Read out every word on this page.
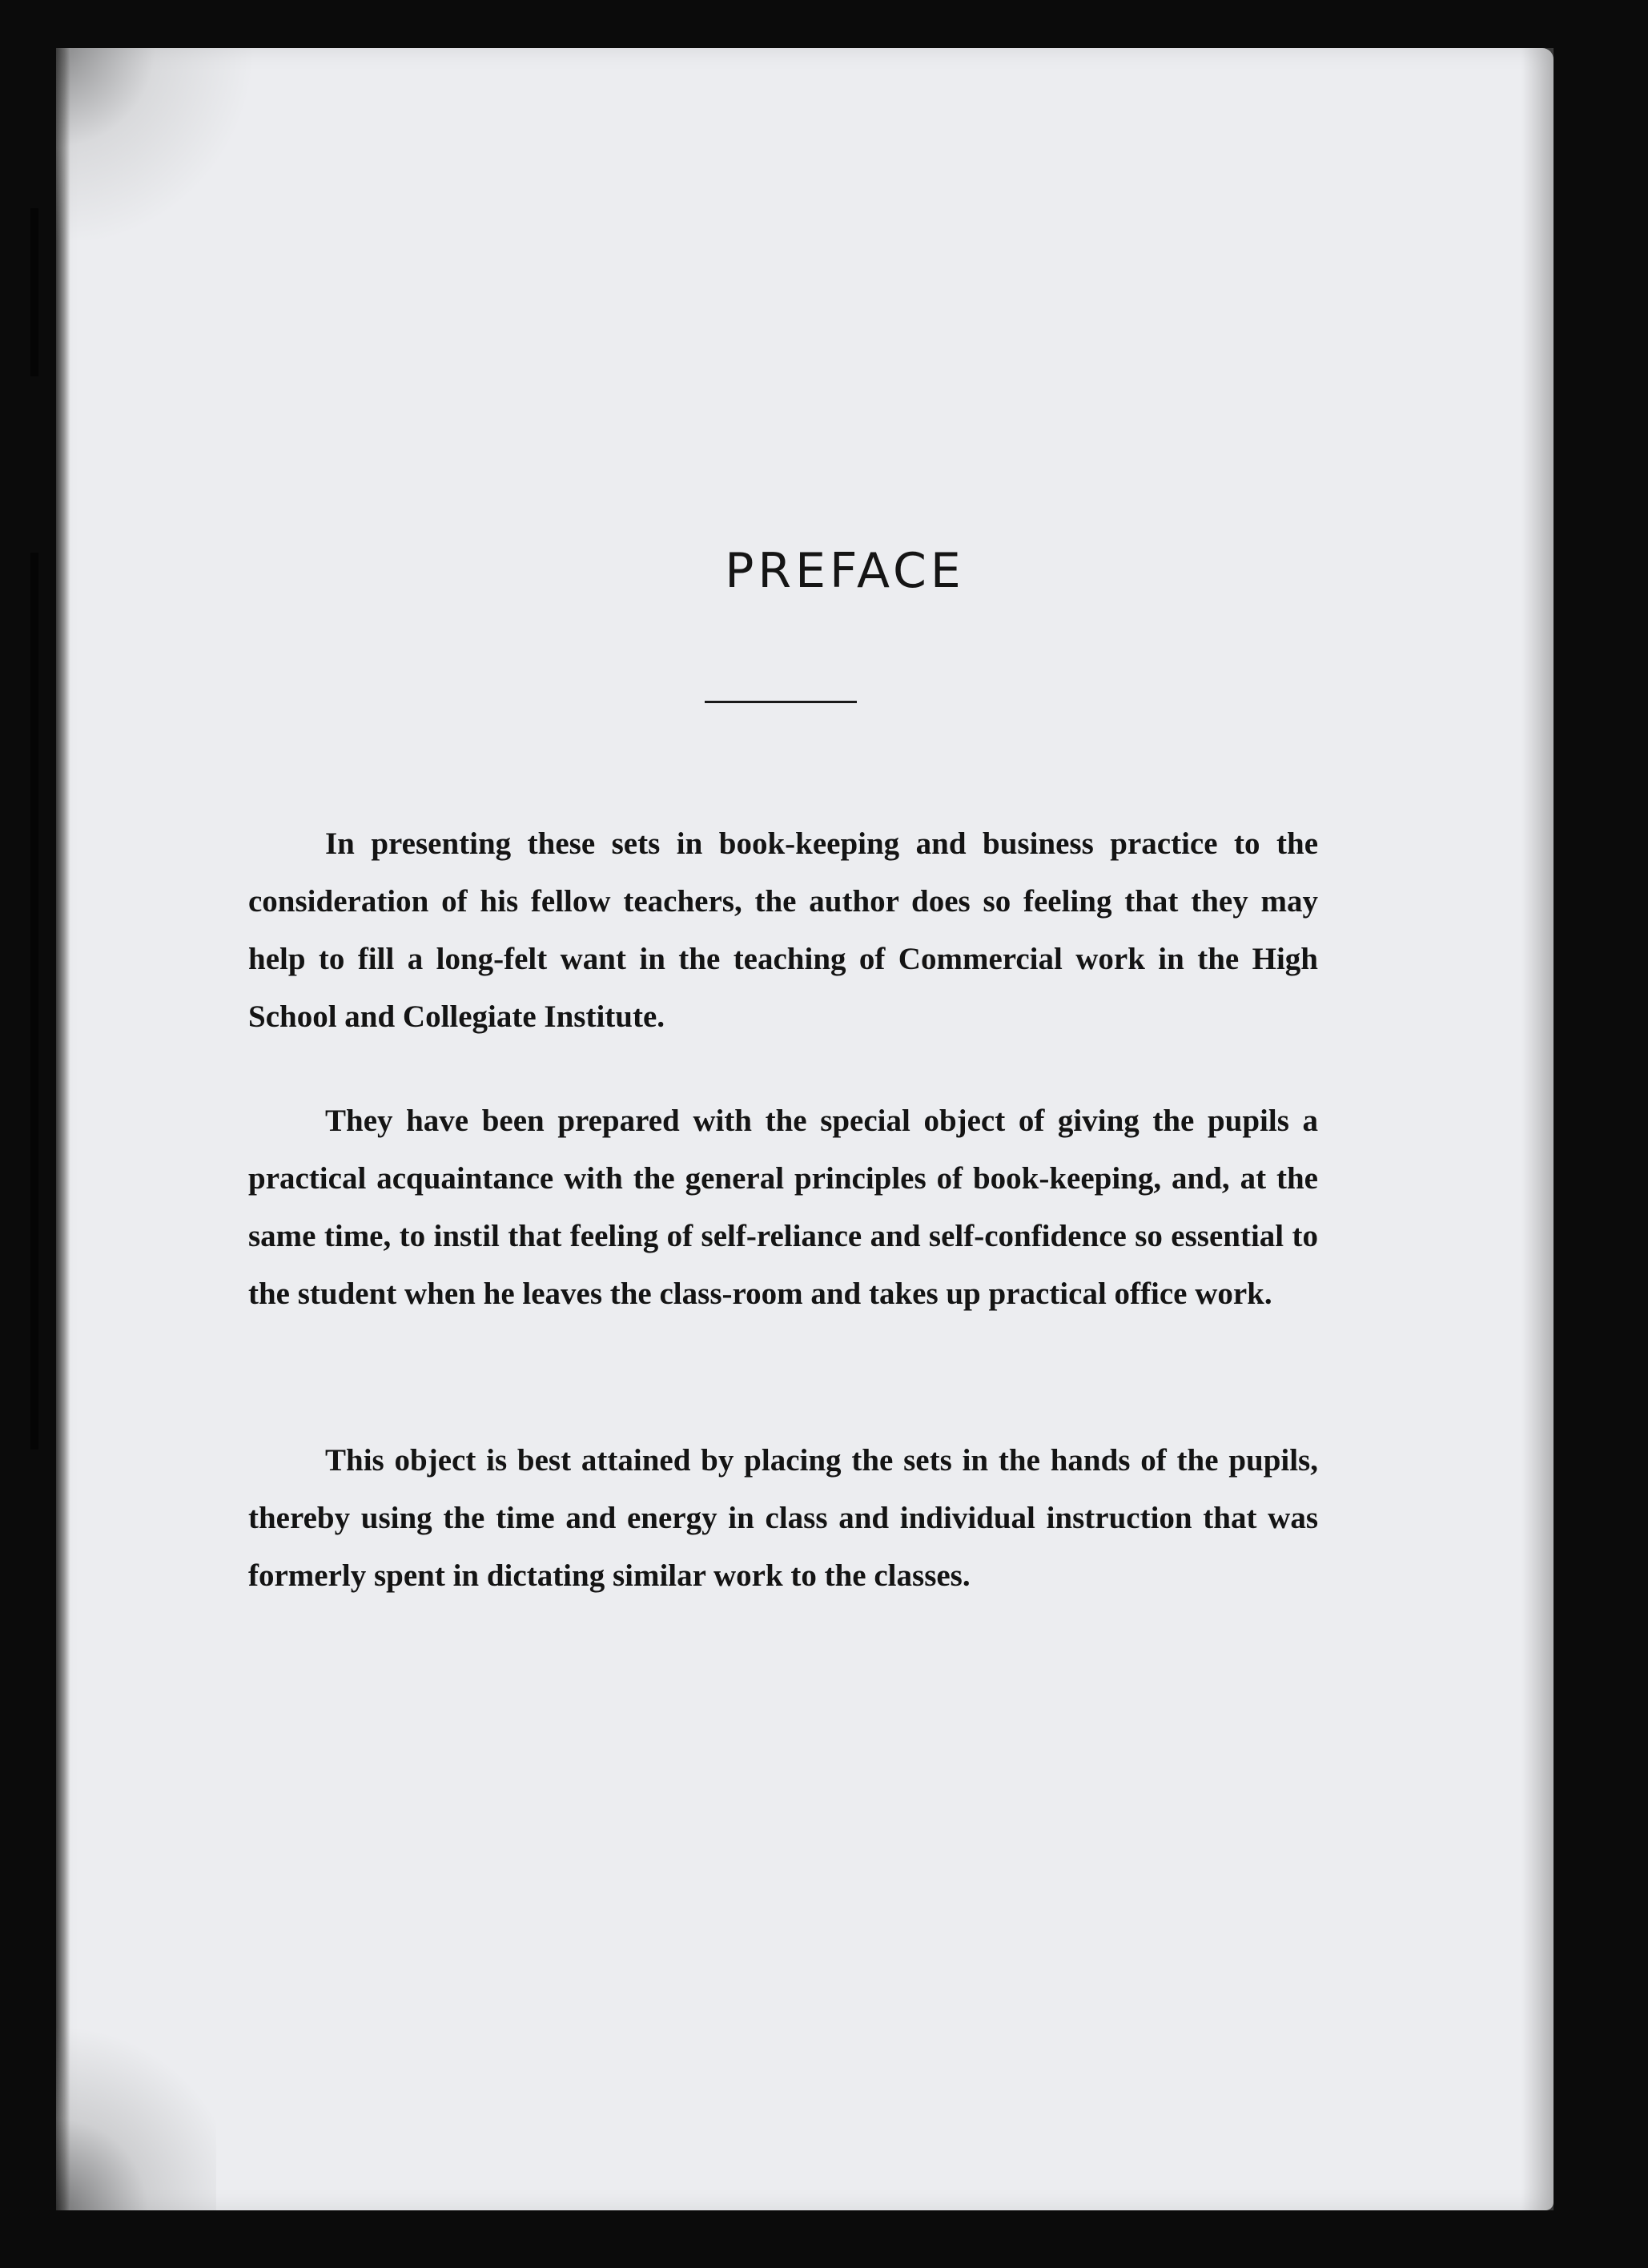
PREFACE

In presenting these sets in book-keeping and business practice to the consideration of his fellow teachers, the author does so feeling that they may help to fill a long-felt want in the teaching of Commercial work in the High School and Collegiate Institute.

They have been prepared with the special object of giving the pupils a practical acquaintance with the general principles of book-keeping, and, at the same time, to instil that feeling of self-reliance and self-confidence so essential to the student when he leaves the class-room and takes up practical office work.

This object is best attained by placing the sets in the hands of the pupils, thereby using the time and energy in class and individual instruction that was formerly spent in dictating similar work to the classes.
